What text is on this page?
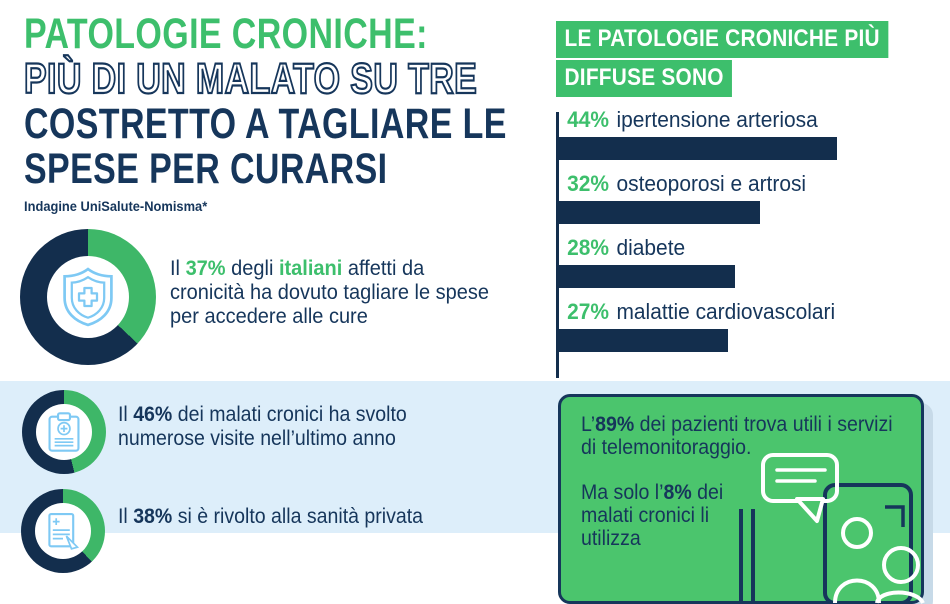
PATOLOGIE CRONICHE:
PIÙ DI UN MALATO SU TRE
COSTRETTO A TAGLIARE LE
SPESE PER CURARSI
Indagine UniSalute-Nomisma*
Il 37% degli italiani affetti da
cronicità ha dovuto tagliare le spese
per accedere alle cure
LE PATOLOGIE CRONICHE PIÙ
DIFFUSE SONO
44% ipertensione arteriosa
32% osteoporosi e artrosi
28% diabete
27% malattie cardiovascolari
Il 46% dei malati cronici ha svolto
numerose visite nell’ultimo anno
Il 38% si è rivolto alla sanità privata
L’89% dei pazienti trova utili i servizi
di telemonitoraggio.
Ma solo l’8% dei
malati cronici li
utilizza
